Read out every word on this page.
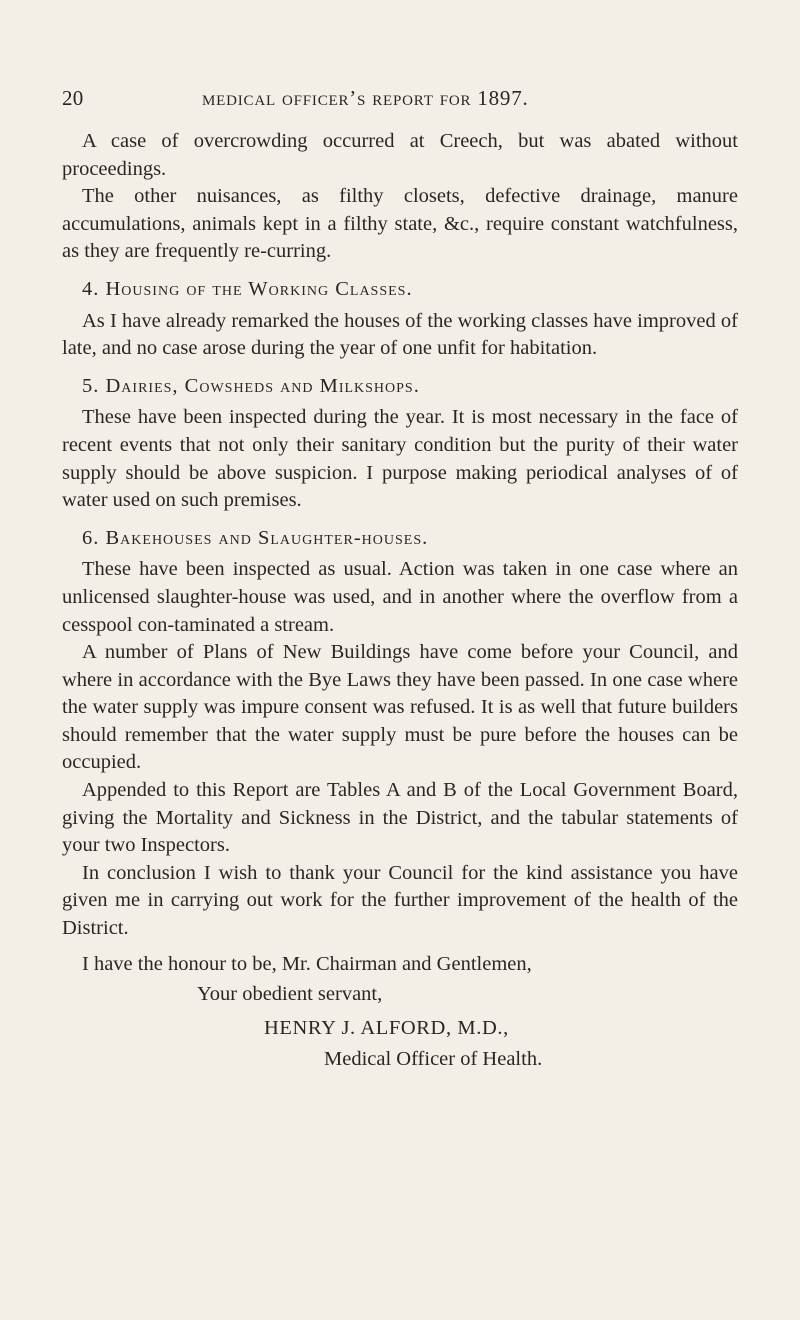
20	medical officer’s report for 1897.

A case of overcrowding occurred at Creech, but was abated without proceedings.

The other nuisances, as filthy closets, defective drainage, manure accumulations, animals kept in a filthy state, &c., require constant watchfulness, as they are frequently re-curring.

4. Housing of the Working Classes.

As I have already remarked the houses of the working classes have improved of late, and no case arose during the year of one unfit for habitation.

5. Dairies, Cowsheds and Milkshops.

These have been inspected during the year. It is most necessary in the face of recent events that not only their sanitary condition but the purity of their water supply should be above suspicion. I purpose making periodical analyses of of water used on such premises.

6. Bakehouses and Slaughter-houses.

These have been inspected as usual. Action was taken in one case where an unlicensed slaughter-house was used, and in another where the overflow from a cesspool con-taminated a stream.

A number of Plans of New Buildings have come before your Council, and where in accordance with the Bye Laws they have been passed. In one case where the water supply was impure consent was refused. It is as well that future builders should remember that the water supply must be pure before the houses can be occupied.

Appended to this Report are Tables A and B of the Local Government Board, giving the Mortality and Sickness in the District, and the tabular statements of your two Inspectors.

In conclusion I wish to thank your Council for the kind assistance you have given me in carrying out work for the further improvement of the health of the District.

I have the honour to be, Mr. Chairman and Gentlemen,
Your obedient servant,
HENRY J. ALFORD, M.D.,
Medical Officer of Health.
